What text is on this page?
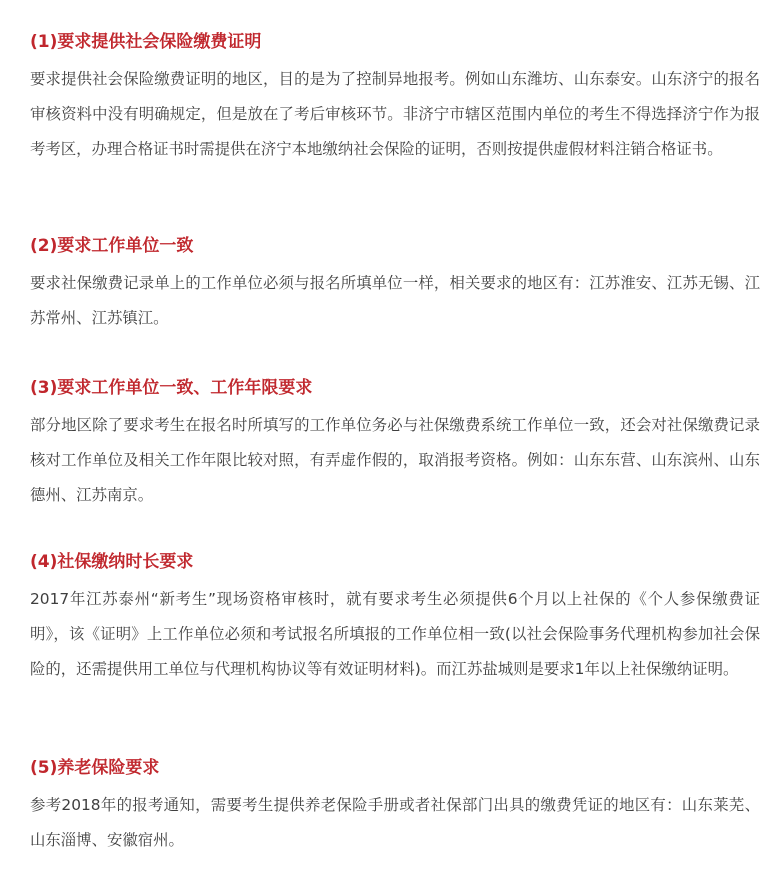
(1)要求提供社会保险缴费证明

要求提供社会保险缴费证明的地区，目的是为了控制异地报考。例如山东潍坊、山东泰安。山东济宁的报名审核资料中没有明确规定，但是放在了考后审核环节。非济宁市辖区范围内单位的考生不得选择济宁作为报考考区，办理合格证书时需提供在济宁本地缴纳社会保险的证明，否则按提供虚假材料注销合格证书。

(2)要求工作单位一致

要求社保缴费记录单上的工作单位必须与报名所填单位一样，相关要求的地区有：江苏淮安、江苏无锡、江苏常州、江苏镇江。

(3)要求工作单位一致、工作年限要求

部分地区除了要求考生在报名时所填写的工作单位务必与社保缴费系统工作单位一致，还会对社保缴费记录核对工作单位及相关工作年限比较对照，有弄虚作假的，取消报考资格。例如：山东东营、山东滨州、山东德州、江苏南京。

(4)社保缴纳时长要求

2017年江苏泰州“新考生”现场资格审核时，就有要求考生必须提供6个月以上社保的《个人参保缴费证明》，该《证明》上工作单位必须和考试报名所填报的工作单位相一致(以社会保险事务代理机构参加社会保险的，还需提供用工单位与代理机构协议等有效证明材料)。而江苏盐城则是要求1年以上社保缴纳证明。

(5)养老保险要求

参考2018年的报考通知，需要考生提供养老保险手册或者社保部门出具的缴费凭证的地区有：山东莱芜、山东淄博、安徽宿州。
